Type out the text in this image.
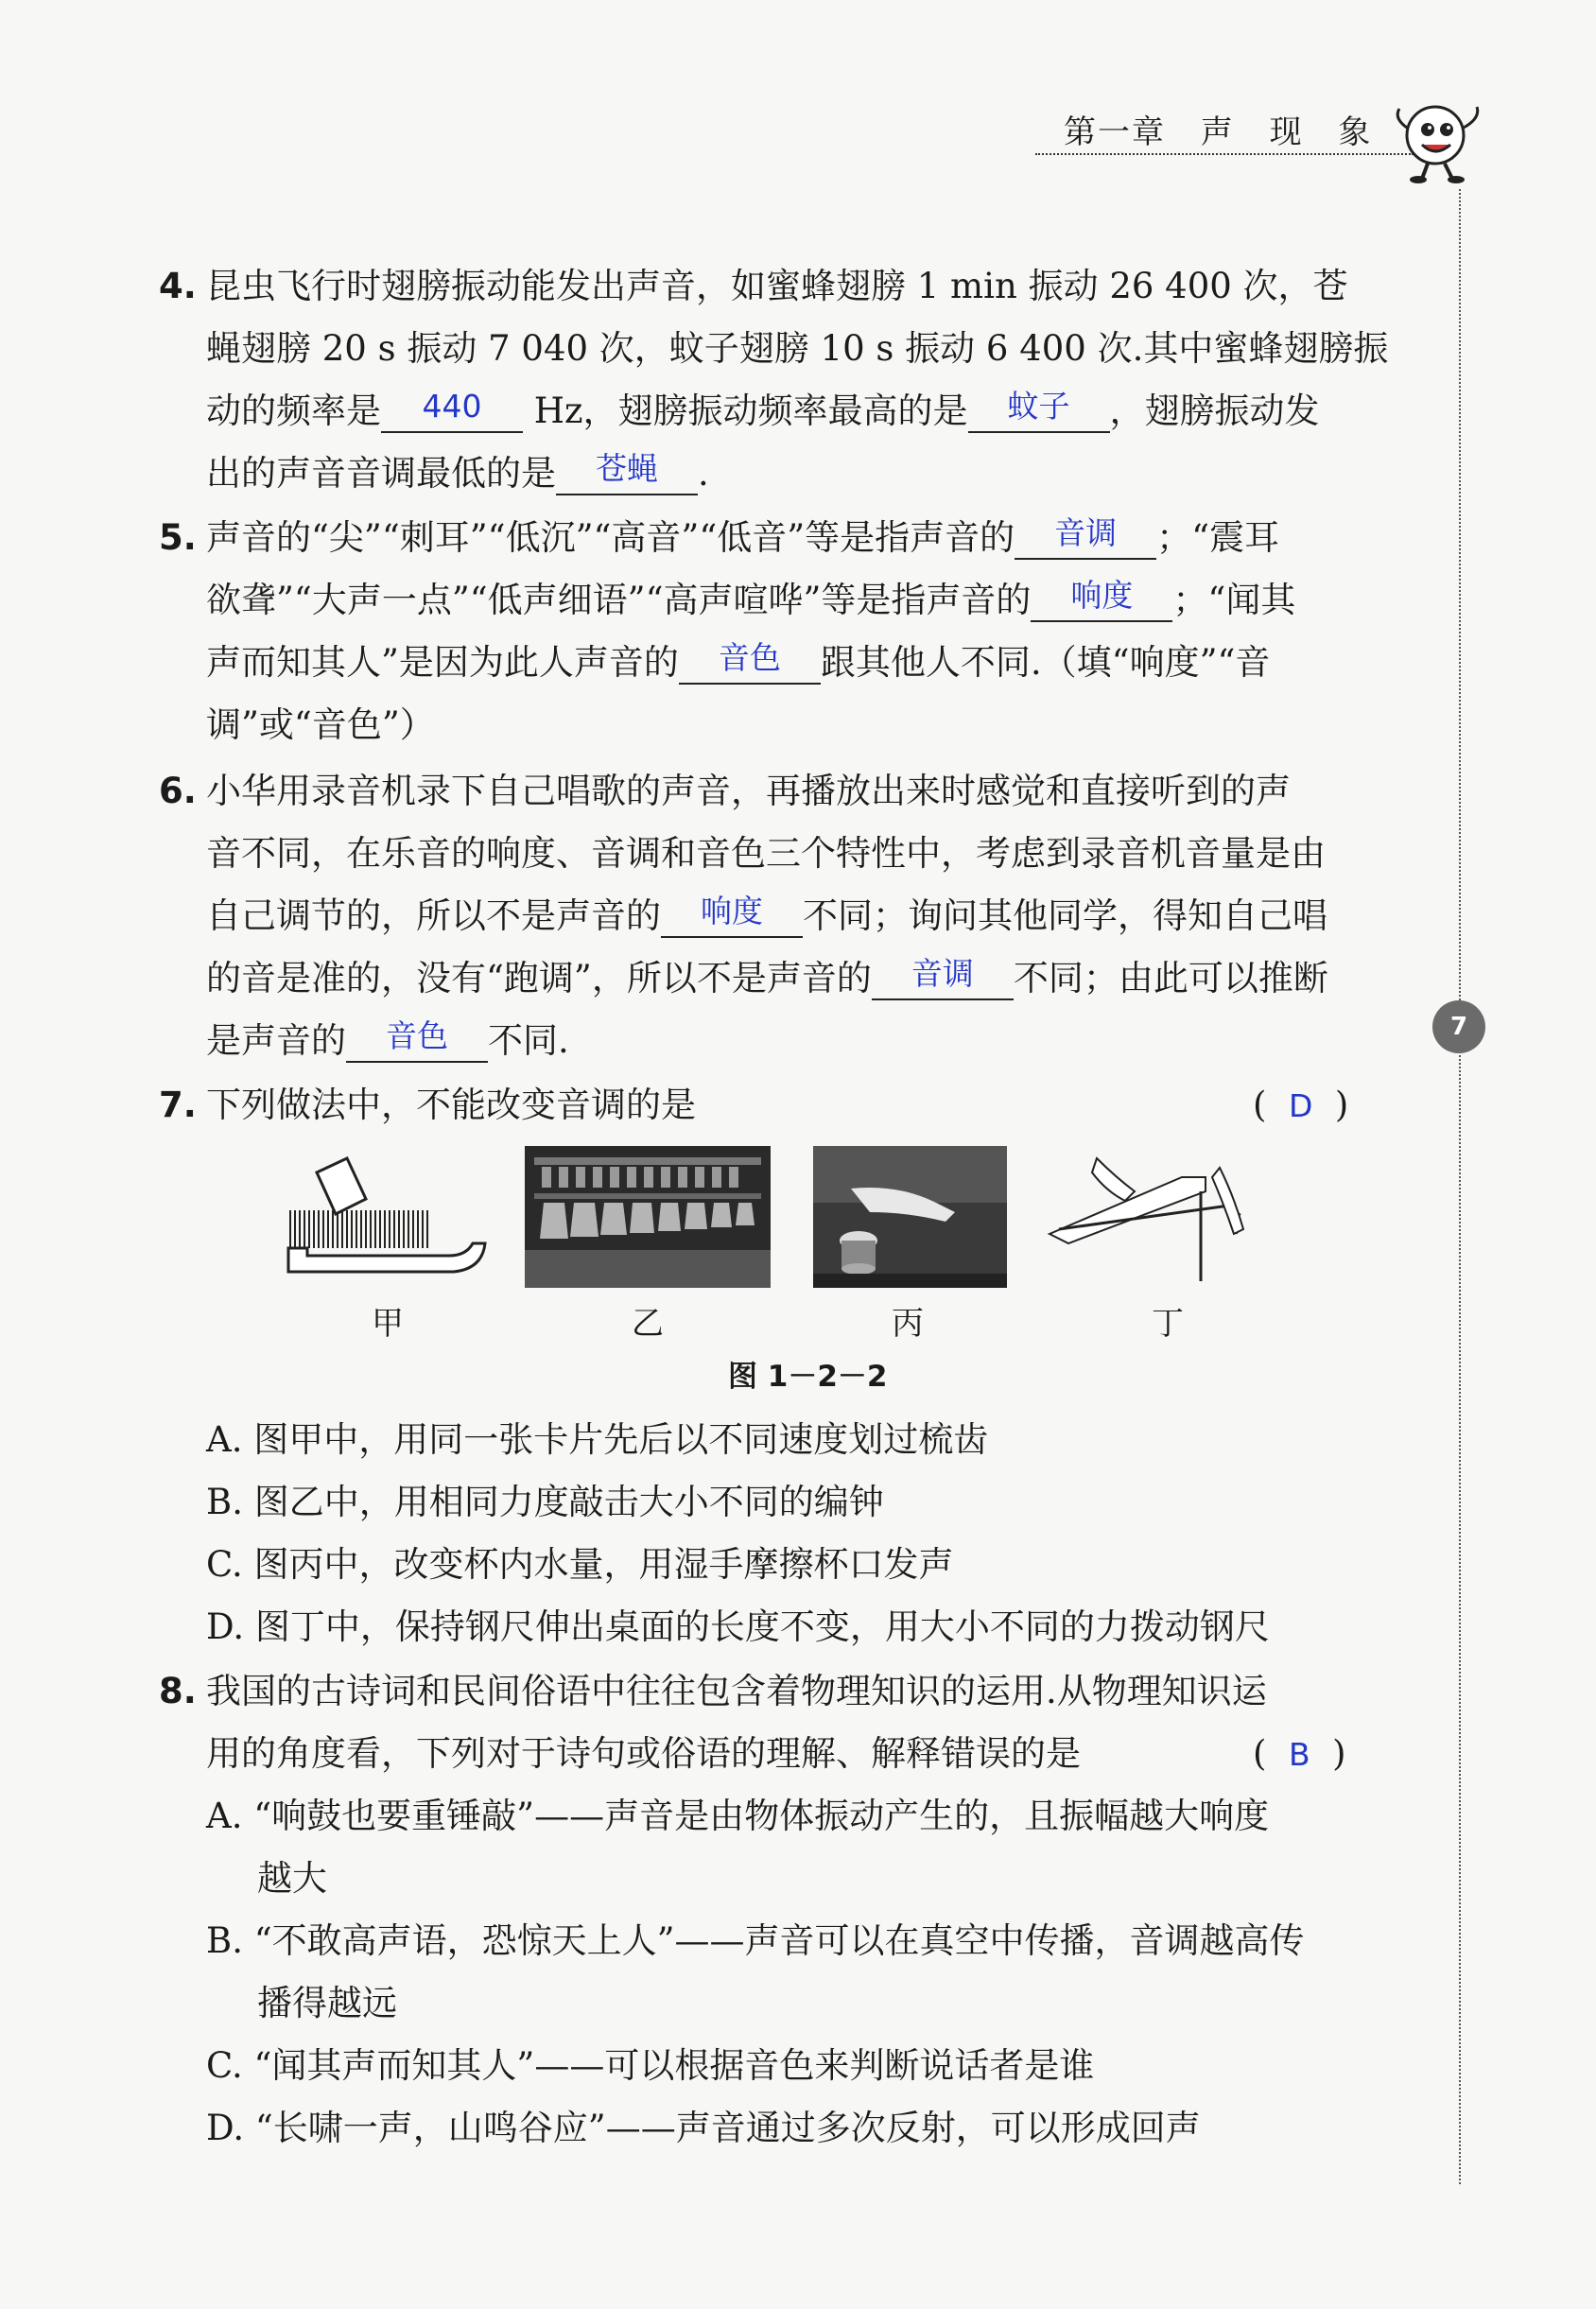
第一章 声 现 象
7
4. 昆虫飞行时翅膀振动能发出声音，如蜜蜂翅膀 1 min 振动 26 400 次，苍
蝇翅膀 20 s 振动 7 040 次，蚊子翅膀 10 s 振动 6 400 次.其中蜜蜂翅膀振
动的频率是	440	Hz，翅膀振动频率最高的是	蚊子	，翅膀振动发
出的声音音调最低的是	苍蝇	.
5. 声音的“尖”“刺耳”“低沉”“高音”“低音”等是指声音的	音调	；“震耳
欲聋”“大声一点”“低声细语”“高声喧哗”等是指声音的	响度	；“闻其
声而知其人”是因为此人声音的	音色	跟其他人不同.（填“响度”“音
调”或“音色”）
6. 小华用录音机录下自己唱歌的声音，再播放出来时感觉和直接听到的声
音不同，在乐音的响度、音调和音色三个特性中，考虑到录音机音量是由
自己调节的，所以不是声音的	响度	不同；询问其他同学，得知自己唱
的音是准的，没有“跑调”，所以不是声音的	音调	不同；由此可以推断
是声音的	音色	不同.
7. 下列做法中，不能改变音调的是	(  D  )
甲	乙	丙	丁
图 1－2－2
A. 图甲中，用同一张卡片先后以不同速度划过梳齿
B. 图乙中，用相同力度敲击大小不同的编钟
C. 图丙中，改变杯内水量，用湿手摩擦杯口发声
D. 图丁中，保持钢尺伸出桌面的长度不变，用大小不同的力拨动钢尺
8. 我国的古诗词和民间俗语中往往包含着物理知识的运用.从物理知识运
用的角度看，下列对于诗句或俗语的理解、解释错误的是	(  B  )
A. “响鼓也要重锤敲”——声音是由物体振动产生的，且振幅越大响度
越大
B. “不敢高声语，恐惊天上人”——声音可以在真空中传播，音调越高传
播得越远
C. “闻其声而知其人”——可以根据音色来判断说话者是谁
D. “长啸一声，山鸣谷应”——声音通过多次反射，可以形成回声
